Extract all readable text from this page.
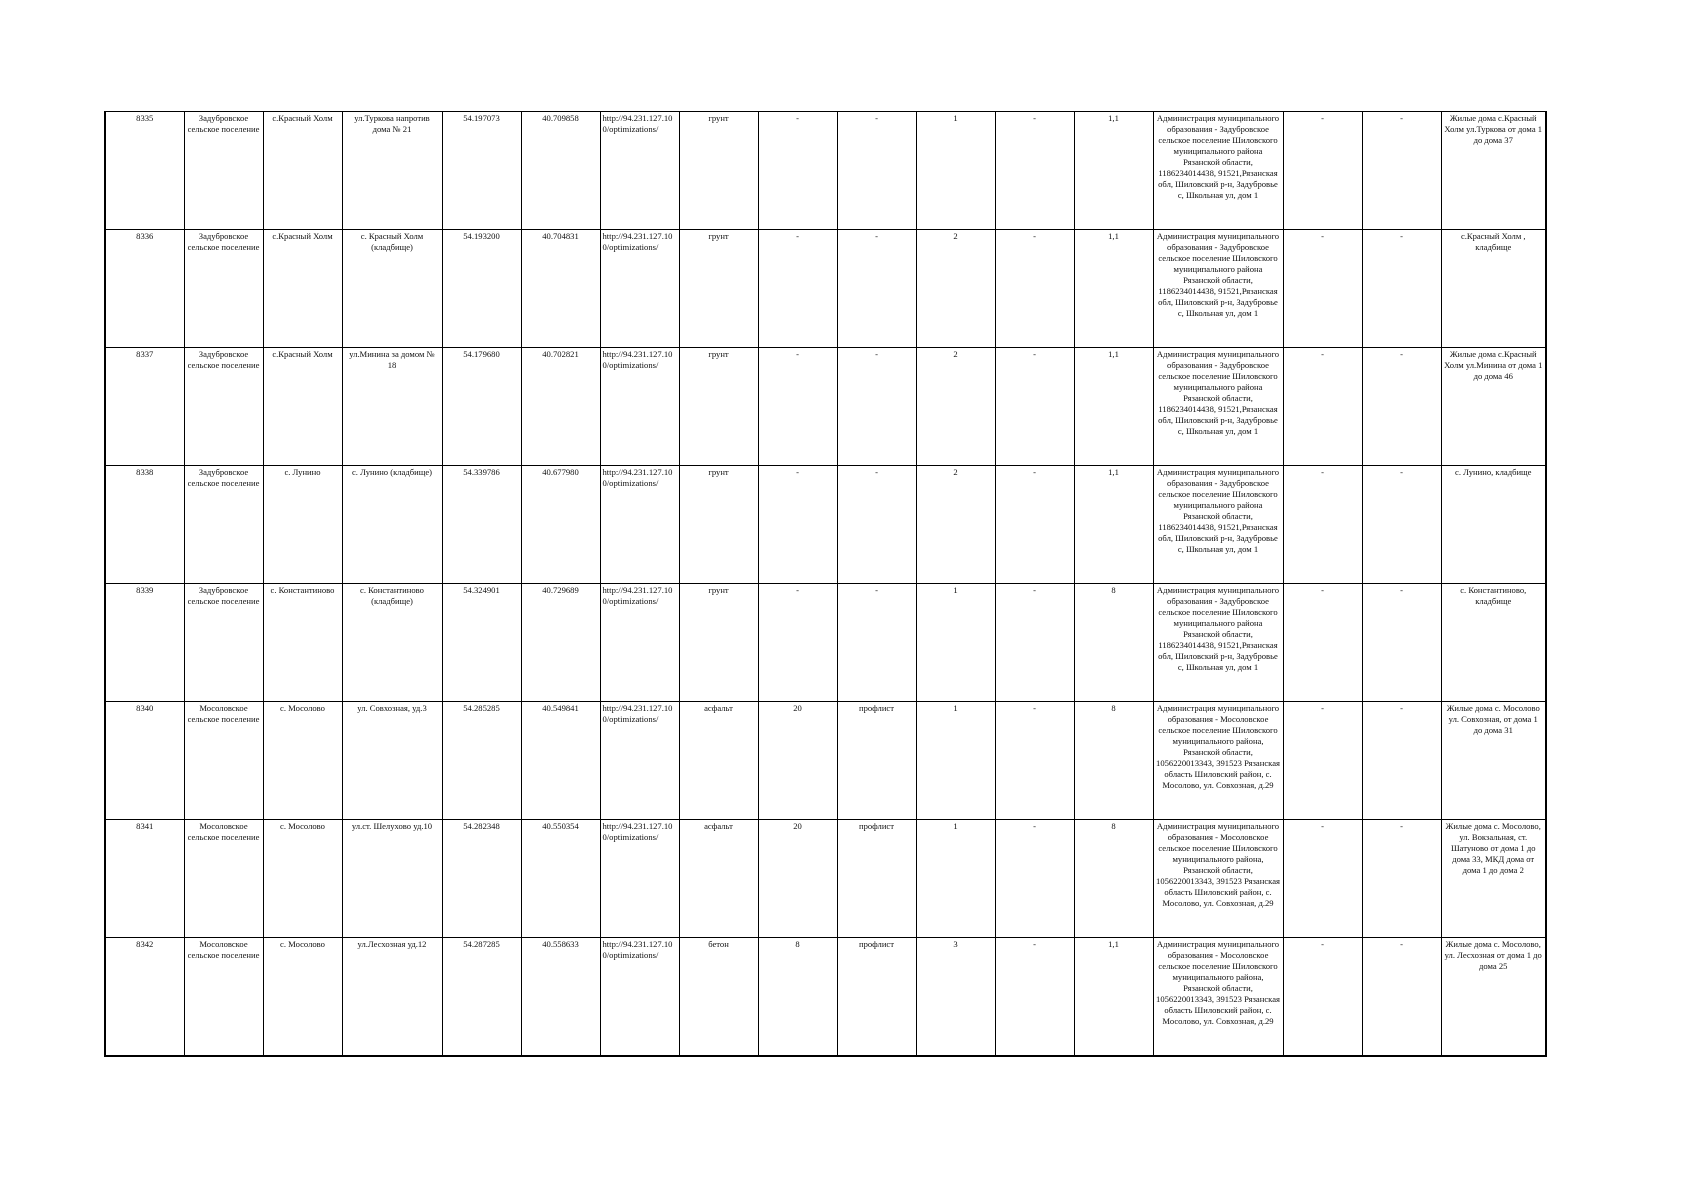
8335	Задубровское сельское поселение	с.Красный Холм	ул.Туркова напротив дома № 21	54.197073	40.709858	http://94.231.127.100/optimizations/	грунт	-	-	1	-	1,1	Администрация муниципального образования - Задубровское сельское поселение Шиловского муниципального района Рязанской области, 1186234014438, 91521,Рязанская обл, Шиловский р-н, Задубровье с, Школьная ул, дом 1	-	-	Жилые дома с.Красный Холм ул.Туркова от дома 1 до дома 37
8336	Задубровское сельское поселение	с.Красный Холм	с. Красный Холм (кладбище)	54.193200	40.704831	http://94.231.127.100/optimizations/	грунт	-	-	2	-	1,1	Администрация муниципального образования - Задубровское сельское поселение Шиловского муниципального района Рязанской области, 1186234014438, 91521,Рязанская обл, Шиловский р-н, Задубровье с, Школьная ул, дом 1	-	-	с.Красный Холм , кладбище
8337	Задубровское сельское поселение	с.Красный Холм	ул.Минина за домом № 18	54.179680	40.702821	http://94.231.127.100/optimizations/	грунт	-	-	2	-	1,1	Администрация муниципального образования - Задубровское сельское поселение Шиловского муниципального района Рязанской области, 1186234014438, 91521,Рязанская обл, Шиловский р-н, Задубровье с, Школьная ул, дом 1	-	-	Жилые дома с.Красный Холм ул.Минина от дома 1 до дома 46
8338	Задубровское сельское поселение	с. Лунино	с. Лунино (кладбище)	54.339786	40.677980	http://94.231.127.100/optimizations/	грунт	-	-	2	-	1,1	Администрация муниципального образования - Задубровское сельское поселение Шиловского муниципального района Рязанской области, 1186234014438, 91521,Рязанская обл, Шиловский р-н, Задубровье с, Школьная ул, дом 1	-	-	с. Лунино, кладбище
8339	Задубровское сельское поселение	с. Константиново	с. Константиново (кладбище)	54.324901	40.729689	http://94.231.127.100/optimizations/	грунт	-	-	1	-	8	Администрация муниципального образования - Задубровское сельское поселение Шиловского муниципального района Рязанской области, 1186234014438, 91521,Рязанская обл, Шиловский р-н, Задубровье с, Школьная ул, дом 1	-	-	с. Константиново, кладбище
8340	Мосоловское сельское поселение	с. Мосолово	ул. Совхозная, уд.3	54.285285	40.549841	http://94.231.127.100/optimizations/	асфальт	20	профлист	1	-	8	Администрация муниципального образования - Мосоловское сельское поселение Шиловского муниципального района, Рязанской области, 1056220013343, 391523 Рязанская область Шиловский район, с. Мосолово, ул. Совхозная, д.29	-	-	Жилые дома с. Мосолово ул. Совхозная, от дома 1 до дома 31
8341	Мосоловское сельское поселение	с. Мосолово	ул.ст. Шелухово уд.10	54.282348	40.550354	http://94.231.127.100/optimizations/	асфальт	20	профлист	1	-	8	Администрация муниципального образования - Мосоловское сельское поселение Шиловского муниципального района, Рязанской области, 1056220013343, 391523 Рязанская область Шиловский район, с. Мосолово, ул. Совхозная, д.29	-	-	Жилые дома с. Мосолово, ул. Вокзальная, ст. Шатуново от дома 1 до дома 33, МКД дома от дома 1 до дома 2
8342	Мосоловское сельское поселение	с. Мосолово	ул.Лесхозная уд.12	54.287285	40.558633	http://94.231.127.100/optimizations/	бетон	8	профлист	3	-	1,1	Администрация муниципального образования - Мосоловское сельское поселение Шиловского муниципального района, Рязанской области, 1056220013343, 391523 Рязанская область Шиловский район, с. Мосолово, ул. Совхозная, д.29	-	-	Жилые дома с. Мосолово, ул. Лесхозная от дома 1 до дома 25
